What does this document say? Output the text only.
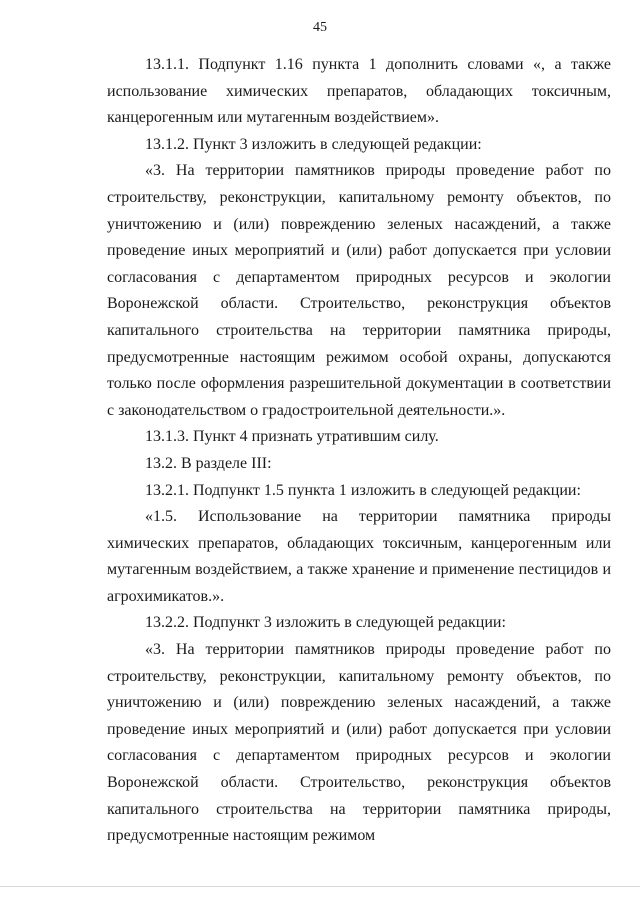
45

13.1.1. Подпункт 1.16 пункта 1 дополнить словами «, а также использование химических препаратов, обладающих токсичным, канцерогенным или мутагенным воздействием».

13.1.2. Пункт 3 изложить в следующей редакции:

«3. На территории памятников природы проведение работ по строительству, реконструкции, капитальному ремонту объектов, по уничтожению и (или) повреждению зеленых насаждений, а также проведение иных мероприятий и (или) работ допускается при условии согласования с департаментом природных ресурсов и экологии Воронежской области. Строительство, реконструкция объектов капитального строительства на территории памятника природы, предусмотренные настоящим режимом особой охраны, допускаются только после оформления разрешительной документации в соответствии с законодательством о градостроительной деятельности.».

13.1.3. Пункт 4 признать утратившим силу.

13.2. В разделе III:

13.2.1. Подпункт 1.5 пункта 1 изложить в следующей редакции:

«1.5. Использование на территории памятника природы химических препаратов, обладающих токсичным, канцерогенным или мутагенным воздействием, а также хранение и применение пестицидов и агрохимикатов.».

13.2.2. Подпункт 3 изложить в следующей редакции:

«3. На территории памятников природы проведение работ по строительству, реконструкции, капитальному ремонту объектов, по уничтожению и (или) повреждению зеленых насаждений, а также проведение иных мероприятий и (или) работ допускается при условии согласования с департаментом природных ресурсов и экологии Воронежской области. Строительство, реконструкция объектов капитального строительства на территории памятника природы, предусмотренные настоящим режимом
